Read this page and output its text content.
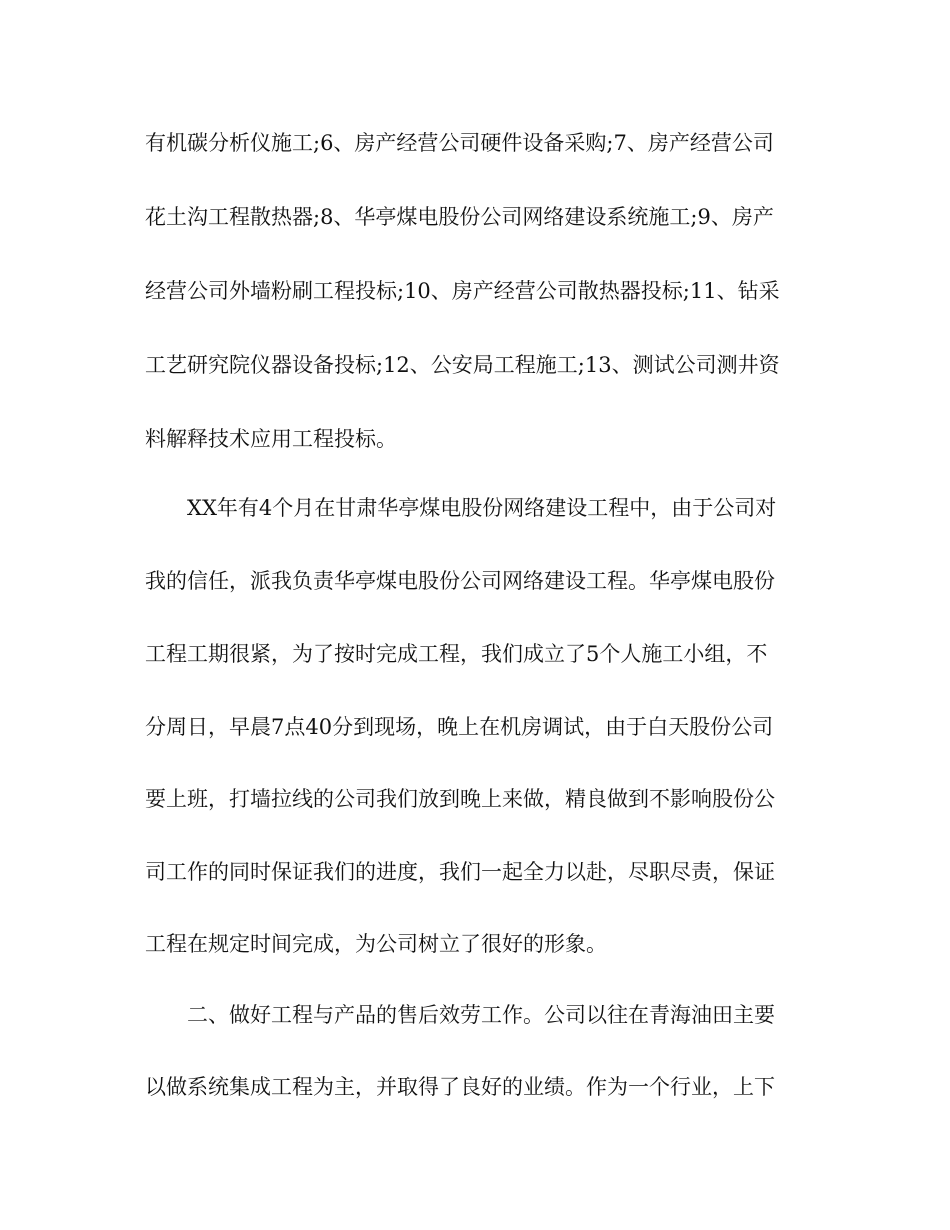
有机碳分析仪施工;6、房产经营公司硬件设备采购;7、房产经营公司
花土沟工程散热器;8、华亭煤电股份公司网络建设系统施工;9、房产
经营公司外墙粉刷工程投标;10、房产经营公司散热器投标;11、钻采
工艺研究院仪器设备投标;12、公安局工程施工;13、测试公司测井资
料解释技术应用工程投标。
XX年有4个月在甘肃华亭煤电股份网络建设工程中，由于公司对
我的信任，派我负责华亭煤电股份公司网络建设工程。华亭煤电股份
工程工期很紧，为了按时完成工程，我们成立了5个人施工小组，不
分周日，早晨7点40分到现场，晚上在机房调试，由于白天股份公司
要上班，打墙拉线的公司我们放到晚上来做，精良做到不影响股份公
司工作的同时保证我们的进度，我们一起全力以赴，尽职尽责，保证
工程在规定时间完成，为公司树立了很好的形象。
二、做好工程与产品的售后效劳工作。公司以往在青海油田主要
以做系统集成工程为主，并取得了良好的业绩。作为一个行业，上下
